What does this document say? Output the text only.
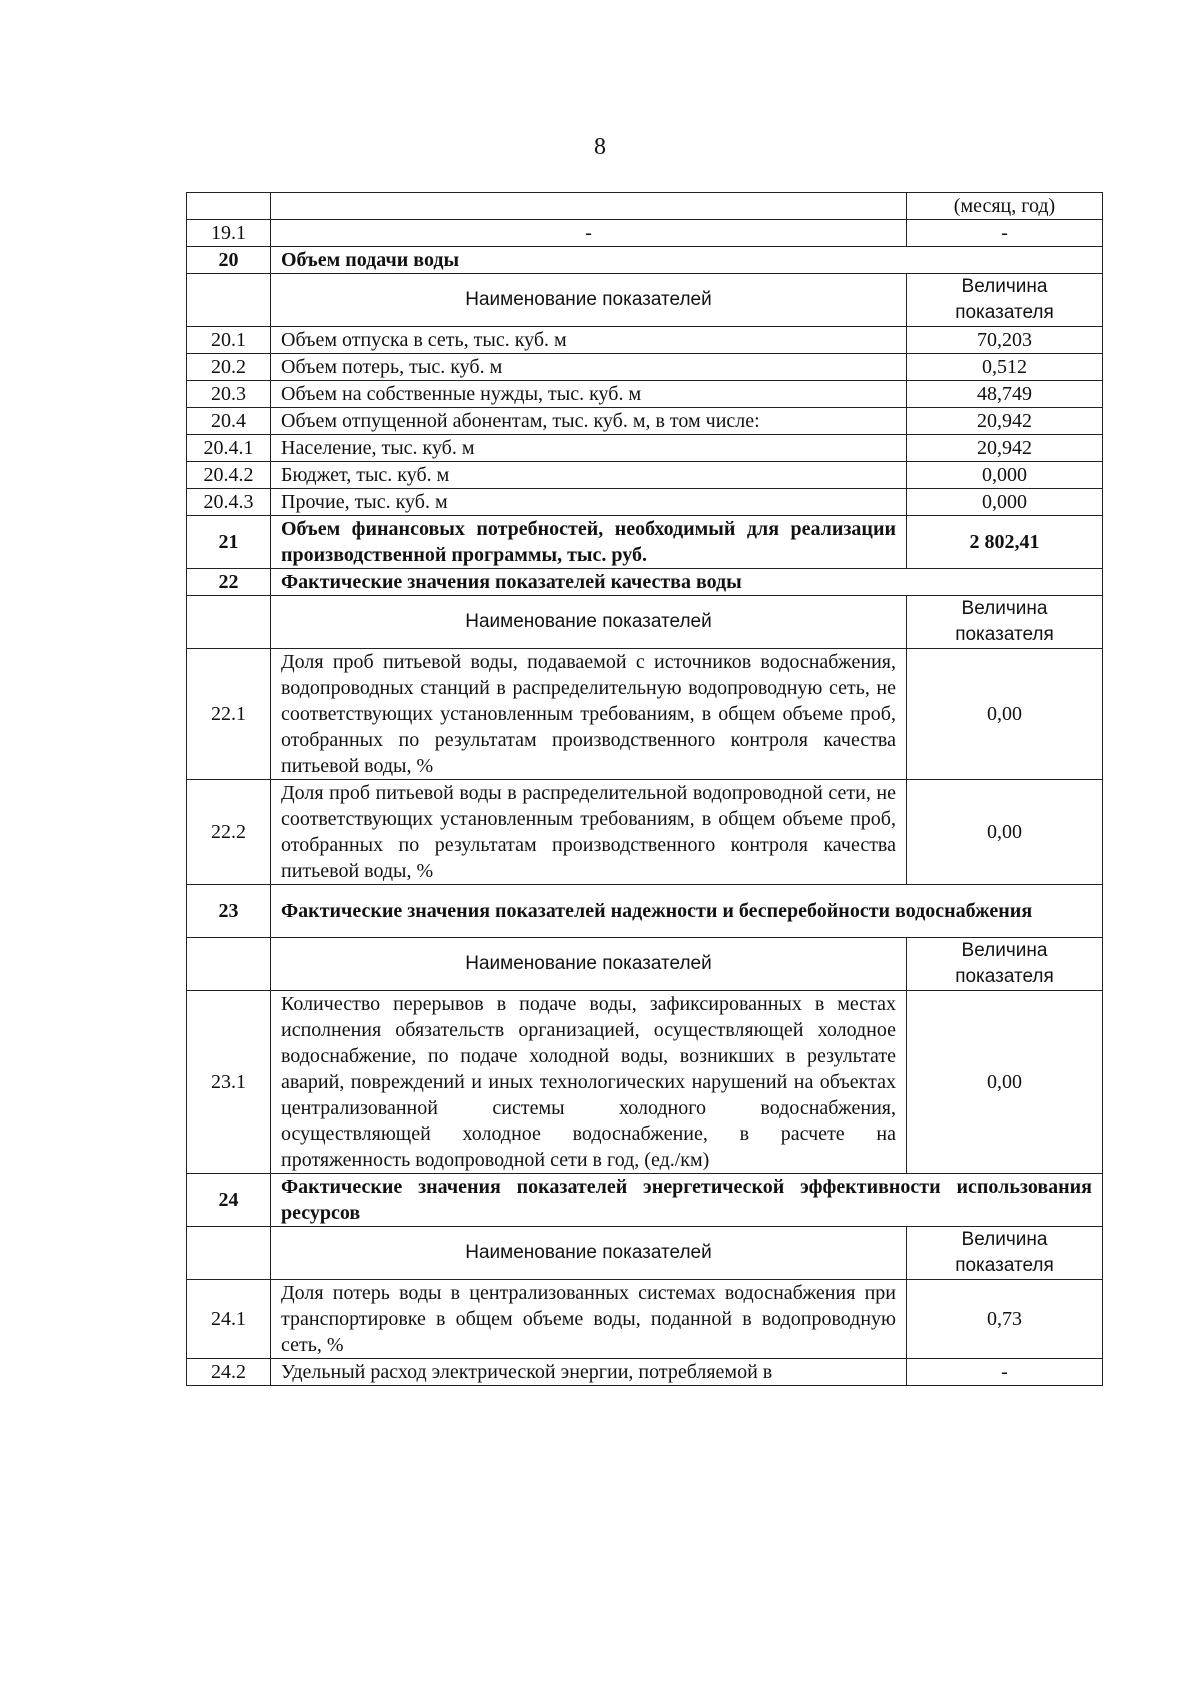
8
		(месяц, год)
19.1	-	-
20	Объем подачи воды	
	Наименование показателей	Величина показателя
20.1	Объем отпуска в сеть, тыс. куб. м	70,203
20.2	Объем потерь, тыс. куб. м	0,512
20.3	Объем на собственные нужды, тыс. куб. м	48,749
20.4	Объем отпущенной абонентам, тыс. куб. м, в том числе:	20,942
20.4.1	Население, тыс. куб. м	20,942
20.4.2	Бюджет, тыс. куб. м	0,000
20.4.3	Прочие, тыс. куб. м	0,000
21	Объем финансовых потребностей, необходимый для реализации производственной программы, тыс. руб.	2 802,41
22	Фактические значения показателей качества воды	
	Наименование показателей	Величина показателя
22.1	Доля проб питьевой воды, подаваемой с источников водоснабжения, водопроводных станций в распределительную водопроводную сеть, не соответствующих установленным требованиям, в общем объеме проб, отобранных по результатам производственного контроля качества питьевой воды, %	0,00
22.2	Доля проб питьевой воды в распределительной водопроводной сети, не соответствующих установленным требованиям, в общем объеме проб, отобранных по результатам производственного контроля качества питьевой воды, %	0,00
23	Фактические значения показателей надежности и бесперебойности водоснабжения	
	Наименование показателей	Величина показателя
23.1	Количество перерывов в подаче воды, зафиксированных в местах исполнения обязательств организацией, осуществляющей холодное водоснабжение, по подаче холодной воды, возникших в результате аварий, повреждений и иных технологических нарушений на объектах централизованной системы холодного водоснабжения, осуществляющей холодное водоснабжение, в расчете на протяженность водопроводной сети в год, (ед./км)	0,00
24	Фактические значения показателей энергетической эффективности использования ресурсов	
	Наименование показателей	Величина показателя
24.1	Доля потерь воды в централизованных системах водоснабжения при транспортировке в общем объеме воды, поданной в водопроводную сеть, %	0,73
24.2	Удельный расход электрической энергии, потребляемой в	-
